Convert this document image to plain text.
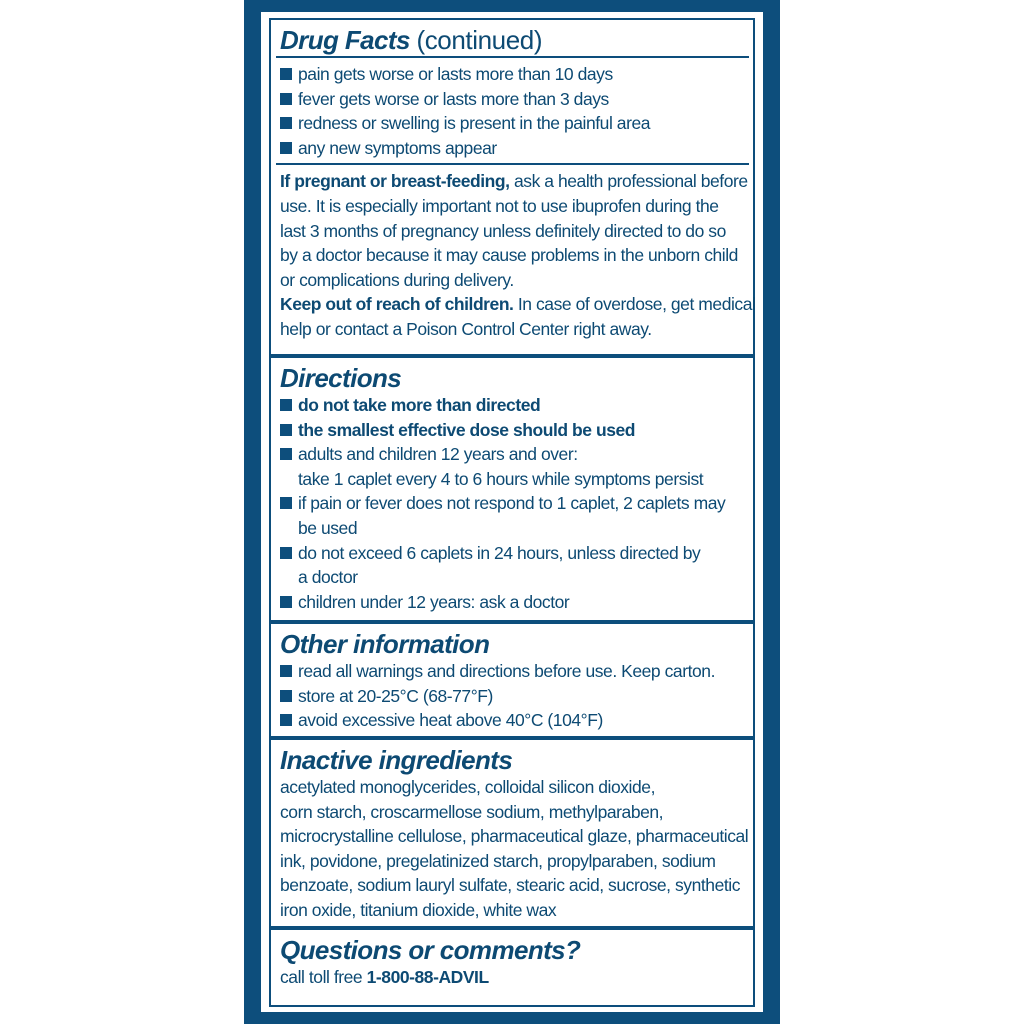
Drug Facts (continued)
pain gets worse or lasts more than 10 days
fever gets worse or lasts more than 3 days
redness or swelling is present in the painful area
any new symptoms appear
If pregnant or breast-feeding, ask a health professional before
use. It is especially important not to use ibuprofen during the
last 3 months of pregnancy unless definitely directed to do so
by a doctor because it may cause problems in the unborn child
or complications during delivery.
Keep out of reach of children. In case of overdose, get medical
help or contact a Poison Control Center right away.
Directions
do not take more than directed
the smallest effective dose should be used
adults and children 12 years and over:
take 1 caplet every 4 to 6 hours while symptoms persist
if pain or fever does not respond to 1 caplet, 2 caplets may
be used
do not exceed 6 caplets in 24 hours, unless directed by
a doctor
children under 12 years: ask a doctor
Other information
read all warnings and directions before use. Keep carton.
store at 20-25°C (68-77°F)
avoid excessive heat above 40°C (104°F)
Inactive ingredients
acetylated monoglycerides, colloidal silicon dioxide,
corn starch, croscarmellose sodium, methylparaben,
microcrystalline cellulose, pharmaceutical glaze, pharmaceutical
ink, povidone, pregelatinized starch, propylparaben, sodium
benzoate, sodium lauryl sulfate, stearic acid, sucrose, synthetic
iron oxide, titanium dioxide, white wax
Questions or comments?
call toll free 1-800-88-ADVIL
